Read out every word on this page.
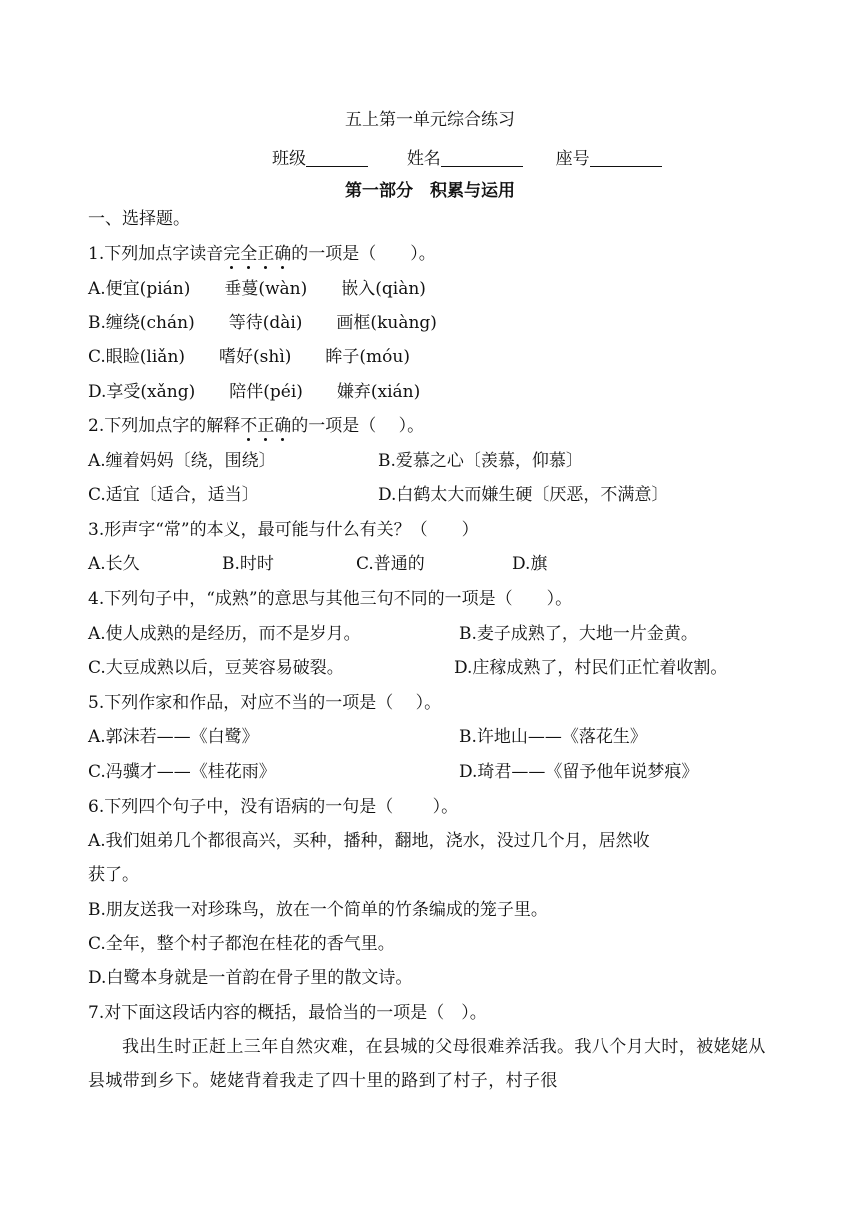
五上第一单元综合练习
班级	姓名	座号
第一部分　积累与运用
一、选择题。
1.下列加点字读音完全正确的一项是（　　）。
A.便宜(pián)　　垂蔓(wàn)　　嵌入(qiàn)
B.缠绕(chán)　　等待(dài)　　画框(kuàng)
C.眼睑(liǎn)　　嗜好(shì)　　眸子(móu)
D.享受(xǎng)　　陪伴(péi)　　嫌弃(xián)
2.下列加点字的解释不正确的一项是（　 ）。
A.缠着妈妈〔绕，围绕〕	B.爱慕之心〔羡慕，仰慕〕
C.适宜〔适合，适当〕	D.白鹤太大而嫌生硬〔厌恶，不满意〕
3.形声字“常”的本义，最可能与什么有关？（　　）
A.长久	B.时时	C.普通的	D.旗
4.下列句子中，“成熟”的意思与其他三句不同的一项是（　　）。
A.使人成熟的是经历，而不是岁月。	B.麦子成熟了，大地一片金黄。
C.大豆成熟以后，豆荚容易破裂。	D.庄稼成熟了，村民们正忙着收割。
5.下列作家和作品，对应不当的一项是（　 ）。
A.郭沫若——《白鹭》	B.许地山——《落花生》
C.冯骥才——《桂花雨》	D.琦君——《留予他年说梦痕》
6.下列四个句子中，没有语病的一句是（　　 ）。
A.我们姐弟几个都很高兴，买种，播种，翻地，浇水，没过几个月，居然收
获了。
B.朋友送我一对珍珠鸟，放在一个简单的竹条编成的笼子里。
C.全年，整个村子都泡在桂花的香气里。
D.白鹭本身就是一首韵在骨子里的散文诗。
7.对下面这段话内容的概括，最恰当的一项是（　）。
我出生时正赶上三年自然灾难，在县城的父母很难养活我。我八个月大时，被姥姥从县城带到乡下。姥姥背着我走了四十里的路到了村子，村子很
